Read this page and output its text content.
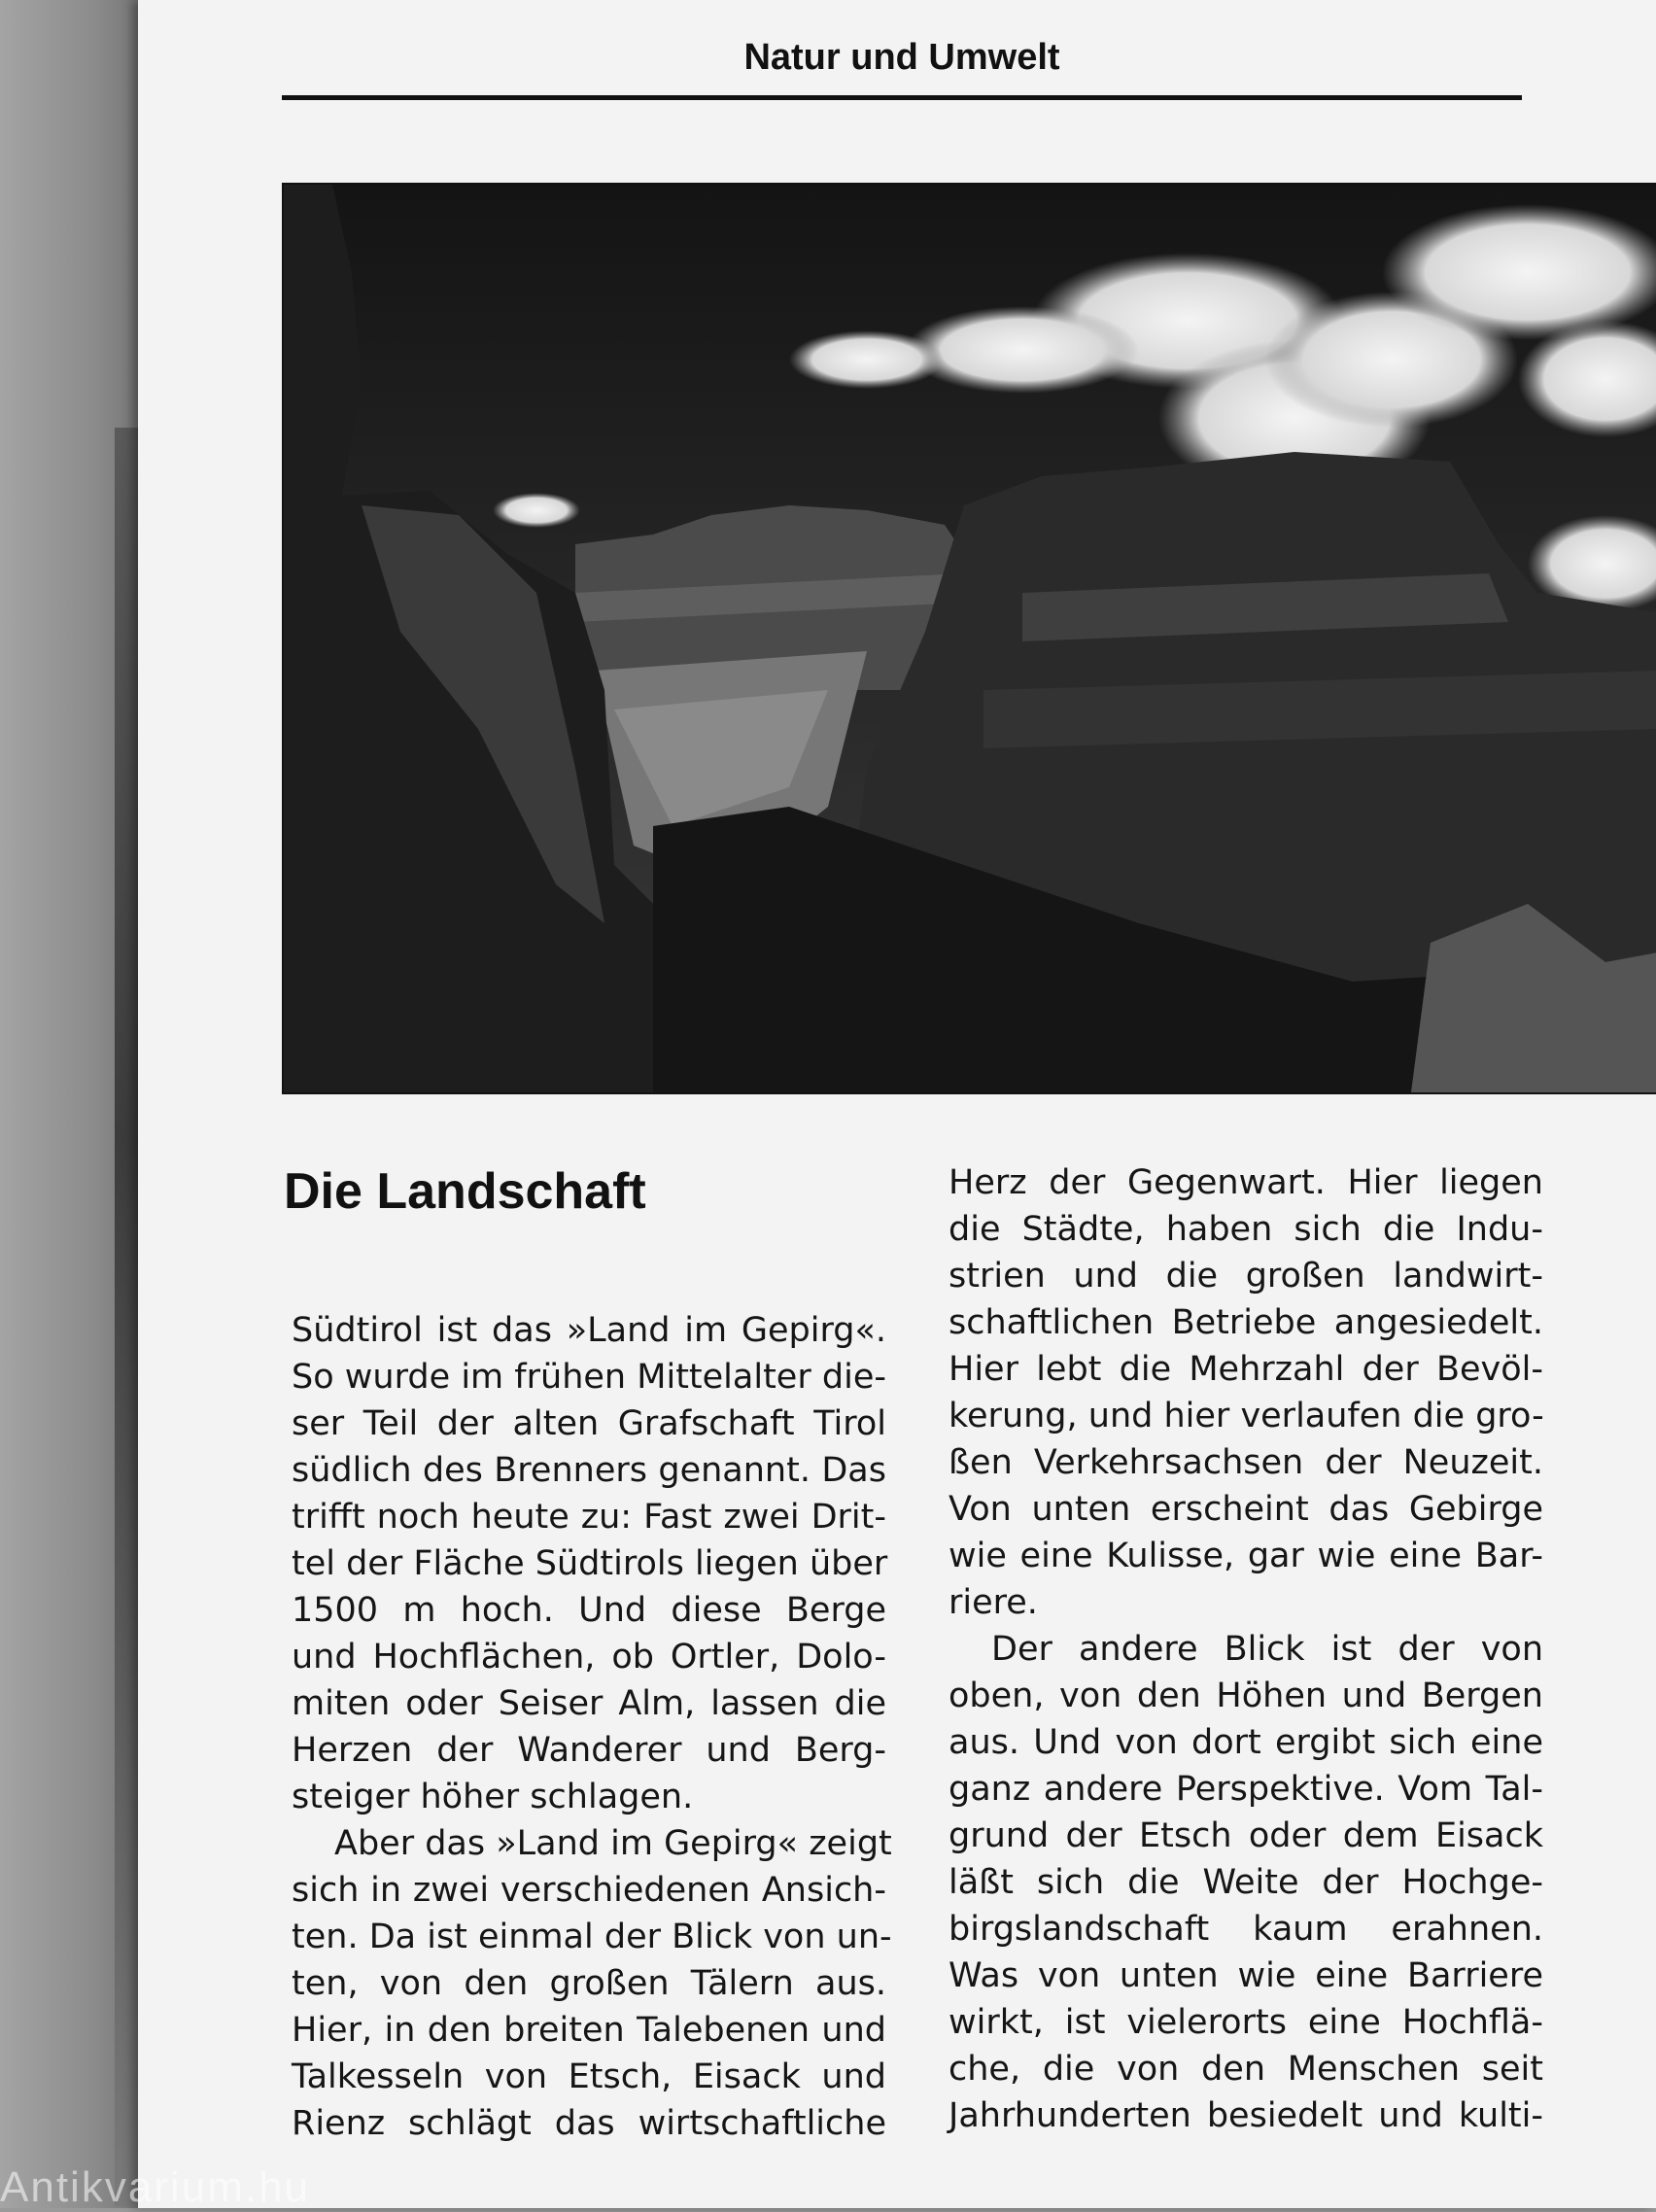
Natur und Umwelt
Die Landschaft
Südtirol ist das »Land im Gepirg«.
So wurde im frühen Mittelalter die-
ser Teil der alten Grafschaft Tirol
südlich des Brenners genannt. Das
trifft noch heute zu: Fast zwei Drit-
tel der Fläche Südtirols liegen über
1500 m hoch. Und diese Berge
und Hochflächen, ob Ortler, Dolo-
miten oder Seiser Alm, lassen die
Herzen der Wanderer und Berg-
steiger höher schlagen.
Aber das »Land im Gepirg« zeigt
sich in zwei verschiedenen Ansich-
ten. Da ist einmal der Blick von un-
ten, von den großen Tälern aus.
Hier, in den breiten Talebenen und
Talkesseln von Etsch, Eisack und
Rienz schlägt das wirtschaftliche
Herz der Gegenwart. Hier liegen
die Städte, haben sich die Indu-
strien und die großen landwirt-
schaftlichen Betriebe angesiedelt.
Hier lebt die Mehrzahl der Bevöl-
kerung, und hier verlaufen die gro-
ßen Verkehrsachsen der Neuzeit.
Von unten erscheint das Gebirge
wie eine Kulisse, gar wie eine Bar-
riere.
Der andere Blick ist der von
oben, von den Höhen und Bergen
aus. Und von dort ergibt sich eine
ganz andere Perspektive. Vom Tal-
grund der Etsch oder dem Eisack
läßt sich die Weite der Hochge-
birgslandschaft kaum erahnen.
Was von unten wie eine Barriere
wirkt, ist vielerorts eine Hochflä-
che, die von den Menschen seit
Jahrhunderten besiedelt und kulti-
Antikvarium.hu
